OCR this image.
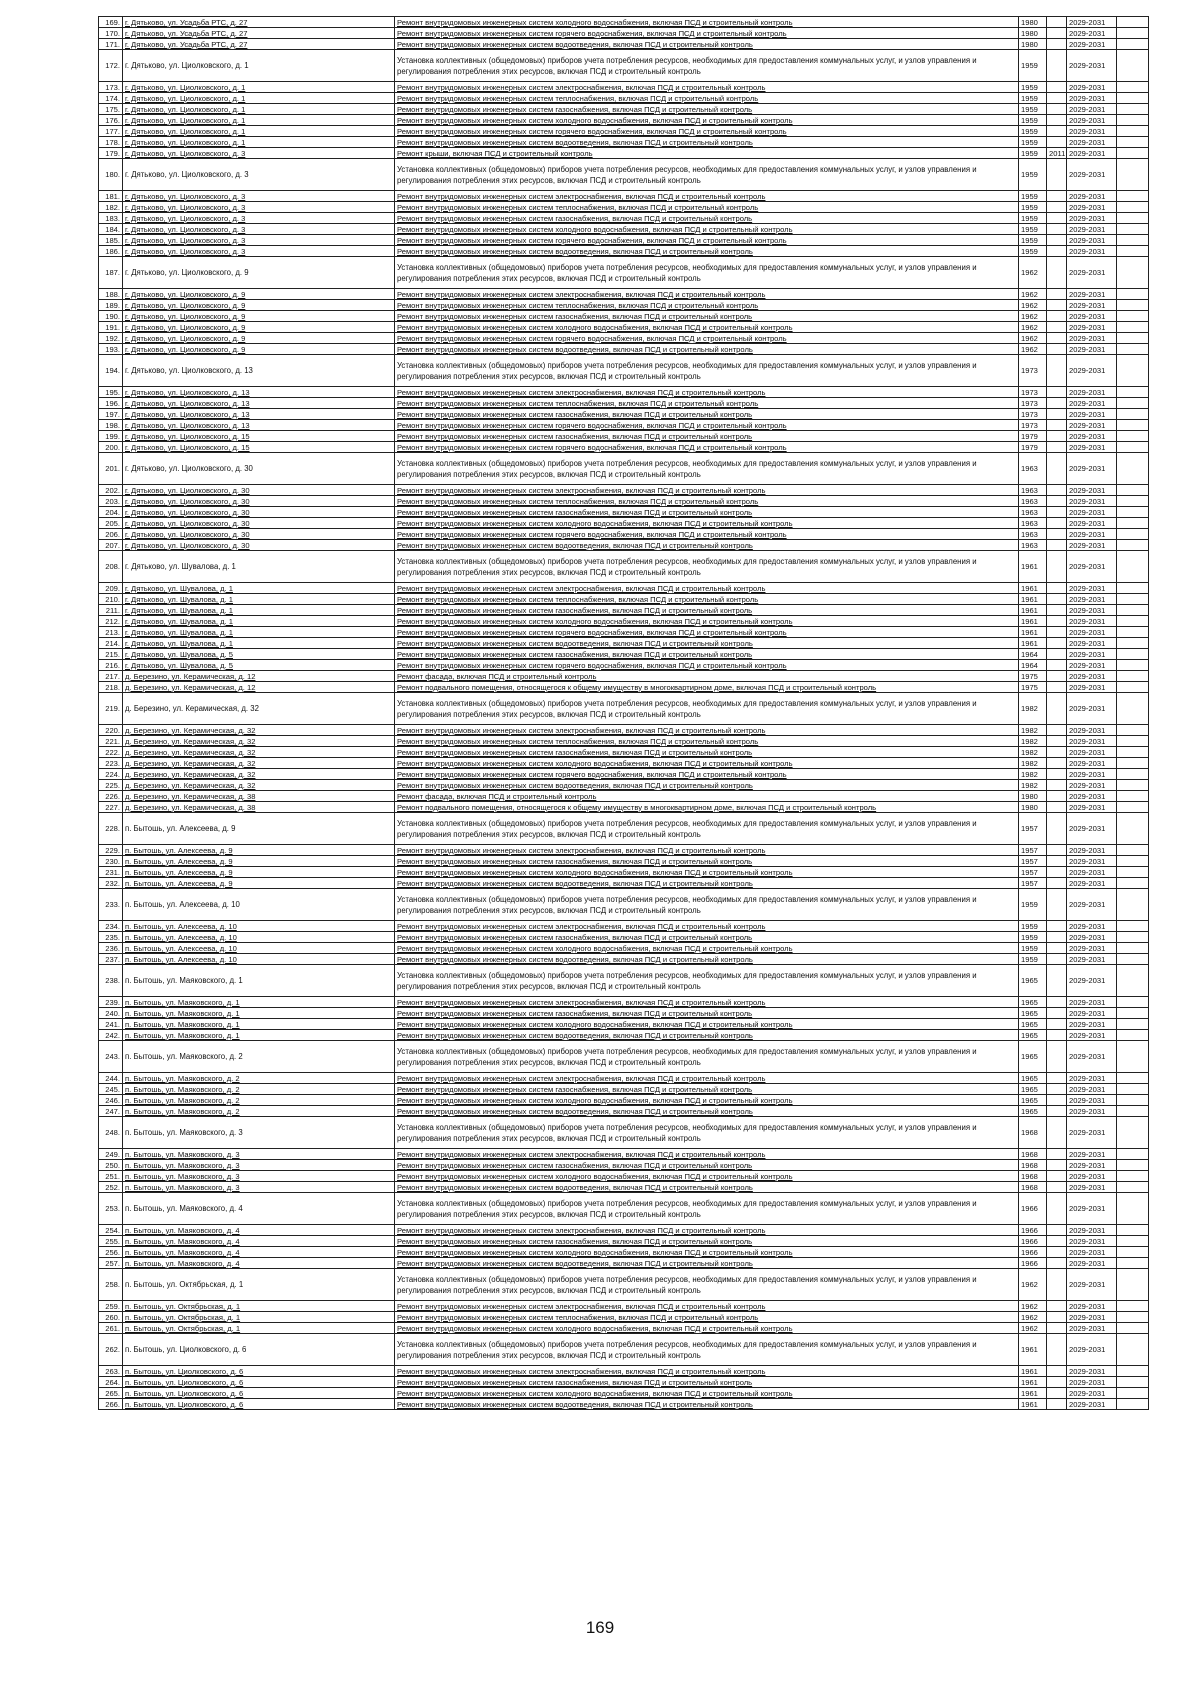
169.	г. Дятьково, ул. Усадьба РТС, д. 27	Ремонт внутридомовых инженерных систем холодного водоснабжения, включая ПСД и строительный контроль	1980		2029-2031	
170.	г. Дятьково, ул. Усадьба РТС, д. 27	Ремонт внутридомовых инженерных систем горячего водоснабжения, включая ПСД и строительный контроль	1980		2029-2031	
171.	г. Дятьково, ул. Усадьба РТС, д. 27	Ремонт внутридомовых инженерных систем водоотведения, включая ПСД и строительный контроль	1980		2029-2031	
172.	г. Дятьково, ул. Циолковского, д. 1	Установка коллективных (общедомовых) приборов учета потребления ресурсов, необходимых для предоставления коммунальных услуг, и узлов управления и регулирования потребления этих ресурсов, включая ПСД и строительный контроль	1959		2029-2031	
173.	г. Дятьково, ул. Циолковского, д. 1	Ремонт внутридомовых инженерных систем электроснабжения, включая ПСД и строительный контроль	1959		2029-2031	
174.	г. Дятьково, ул. Циолковского, д. 1	Ремонт внутридомовых инженерных систем теплоснабжения, включая ПСД и строительный контроль	1959		2029-2031	
175.	г. Дятьково, ул. Циолковского, д. 1	Ремонт внутридомовых инженерных систем газоснабжения, включая ПСД и строительный контроль	1959		2029-2031	
176.	г. Дятьково, ул. Циолковского, д. 1	Ремонт внутридомовых инженерных систем холодного водоснабжения, включая ПСД и строительный контроль	1959		2029-2031	
177.	г. Дятьково, ул. Циолковского, д. 1	Ремонт внутридомовых инженерных систем горячего водоснабжения, включая ПСД и строительный контроль	1959		2029-2031	
178.	г. Дятьково, ул. Циолковского, д. 1	Ремонт внутридомовых инженерных систем водоотведения, включая ПСД и строительный контроль	1959		2029-2031	
179.	г. Дятьково, ул. Циолковского, д. 3	Ремонт крыши, включая ПСД и строительный контроль	1959	2011	2029-2031	
180.	г. Дятьково, ул. Циолковского, д. 3	Установка коллективных (общедомовых) приборов учета потребления ресурсов, необходимых для предоставления коммунальных услуг, и узлов управления и регулирования потребления этих ресурсов, включая ПСД и строительный контроль	1959		2029-2031	
181.	г. Дятьково, ул. Циолковского, д. 3	Ремонт внутридомовых инженерных систем электроснабжения, включая ПСД и строительный контроль	1959		2029-2031	
182.	г. Дятьково, ул. Циолковского, д. 3	Ремонт внутридомовых инженерных систем теплоснабжения, включая ПСД и строительный контроль	1959		2029-2031	
183.	г. Дятьково, ул. Циолковского, д. 3	Ремонт внутридомовых инженерных систем газоснабжения, включая ПСД и строительный контроль	1959		2029-2031	
184.	г. Дятьково, ул. Циолковского, д. 3	Ремонт внутридомовых инженерных систем холодного водоснабжения, включая ПСД и строительный контроль	1959		2029-2031	
185.	г. Дятьково, ул. Циолковского, д. 3	Ремонт внутридомовых инженерных систем горячего водоснабжения, включая ПСД и строительный контроль	1959		2029-2031	
186.	г. Дятьково, ул. Циолковского, д. 3	Ремонт внутридомовых инженерных систем водоотведения, включая ПСД и строительный контроль	1959		2029-2031	
187.	г. Дятьково, ул. Циолковского, д. 9	Установка коллективных (общедомовых) приборов учета потребления ресурсов, необходимых для предоставления коммунальных услуг, и узлов управления и регулирования потребления этих ресурсов, включая ПСД и строительный контроль	1962		2029-2031	
188.	г. Дятьково, ул. Циолковского, д. 9	Ремонт внутридомовых инженерных систем электроснабжения, включая ПСД и строительный контроль	1962		2029-2031	
189.	г. Дятьково, ул. Циолковского, д. 9	Ремонт внутридомовых инженерных систем теплоснабжения, включая ПСД и строительный контроль	1962		2029-2031	
190.	г. Дятьково, ул. Циолковского, д. 9	Ремонт внутридомовых инженерных систем газоснабжения, включая ПСД и строительный контроль	1962		2029-2031	
191.	г. Дятьково, ул. Циолковского, д. 9	Ремонт внутридомовых инженерных систем холодного водоснабжения, включая ПСД и строительный контроль	1962		2029-2031	
192.	г. Дятьково, ул. Циолковского, д. 9	Ремонт внутридомовых инженерных систем горячего водоснабжения, включая ПСД и строительный контроль	1962		2029-2031	
193.	г. Дятьково, ул. Циолковского, д. 9	Ремонт внутридомовых инженерных систем водоотведения, включая ПСД и строительный контроль	1962		2029-2031	
194.	г. Дятьково, ул. Циолковского, д. 13	Установка коллективных (общедомовых) приборов учета потребления ресурсов, необходимых для предоставления коммунальных услуг, и узлов управления и регулирования потребления этих ресурсов, включая ПСД и строительный контроль	1973		2029-2031	
195.	г. Дятьково, ул. Циолковского, д. 13	Ремонт внутридомовых инженерных систем электроснабжения, включая ПСД и строительный контроль	1973		2029-2031	
196.	г. Дятьково, ул. Циолковского, д. 13	Ремонт внутридомовых инженерных систем теплоснабжения, включая ПСД и строительный контроль	1973		2029-2031	
197.	г. Дятьково, ул. Циолковского, д. 13	Ремонт внутридомовых инженерных систем газоснабжения, включая ПСД и строительный контроль	1973		2029-2031	
198.	г. Дятьково, ул. Циолковского, д. 13	Ремонт внутридомовых инженерных систем горячего водоснабжения, включая ПСД и строительный контроль	1973		2029-2031	
199.	г. Дятьково, ул. Циолковского, д. 15	Ремонт внутридомовых инженерных систем газоснабжения, включая ПСД и строительный контроль	1979		2029-2031	
200.	г. Дятьково, ул. Циолковского, д. 15	Ремонт внутридомовых инженерных систем горячего водоснабжения, включая ПСД и строительный контроль	1979		2029-2031	
201.	г. Дятьково, ул. Циолковского, д. 30	Установка коллективных (общедомовых) приборов учета потребления ресурсов, необходимых для предоставления коммунальных услуг, и узлов управления и регулирования потребления этих ресурсов, включая ПСД и строительный контроль	1963		2029-2031	
202.	г. Дятьково, ул. Циолковского, д. 30	Ремонт внутридомовых инженерных систем электроснабжения, включая ПСД и строительный контроль	1963		2029-2031	
203.	г. Дятьково, ул. Циолковского, д. 30	Ремонт внутридомовых инженерных систем теплоснабжения, включая ПСД и строительный контроль	1963		2029-2031	
204.	г. Дятьково, ул. Циолковского, д. 30	Ремонт внутридомовых инженерных систем газоснабжения, включая ПСД и строительный контроль	1963		2029-2031	
205.	г. Дятьково, ул. Циолковского, д. 30	Ремонт внутридомовых инженерных систем холодного водоснабжения, включая ПСД и строительный контроль	1963		2029-2031	
206.	г. Дятьково, ул. Циолковского, д. 30	Ремонт внутридомовых инженерных систем горячего водоснабжения, включая ПСД и строительный контроль	1963		2029-2031	
207.	г. Дятьково, ул. Циолковского, д. 30	Ремонт внутридомовых инженерных систем водоотведения, включая ПСД и строительный контроль	1963		2029-2031	
208.	г. Дятьково, ул. Шувалова, д. 1	Установка коллективных (общедомовых) приборов учета потребления ресурсов, необходимых для предоставления коммунальных услуг, и узлов управления и регулирования потребления этих ресурсов, включая ПСД и строительный контроль	1961		2029-2031	
209.	г. Дятьково, ул. Шувалова, д. 1	Ремонт внутридомовых инженерных систем электроснабжения, включая ПСД и строительный контроль	1961		2029-2031	
210.	г. Дятьково, ул. Шувалова, д. 1	Ремонт внутридомовых инженерных систем теплоснабжения, включая ПСД и строительный контроль	1961		2029-2031	
211.	г. Дятьково, ул. Шувалова, д. 1	Ремонт внутридомовых инженерных систем газоснабжения, включая ПСД и строительный контроль	1961		2029-2031	
212.	г. Дятьково, ул. Шувалова, д. 1	Ремонт внутридомовых инженерных систем холодного водоснабжения, включая ПСД и строительный контроль	1961		2029-2031	
213.	г. Дятьково, ул. Шувалова, д. 1	Ремонт внутридомовых инженерных систем горячего водоснабжения, включая ПСД и строительный контроль	1961		2029-2031	
214.	г. Дятьково, ул. Шувалова, д. 1	Ремонт внутридомовых инженерных систем водоотведения, включая ПСД и строительный контроль	1961		2029-2031	
215.	г. Дятьково, ул. Шувалова, д. 5	Ремонт внутридомовых инженерных систем газоснабжения, включая ПСД и строительный контроль	1964		2029-2031	
216.	г. Дятьково, ул. Шувалова, д. 5	Ремонт внутридомовых инженерных систем горячего водоснабжения, включая ПСД и строительный контроль	1964		2029-2031	
217.	д. Березино, ул. Керамическая, д. 12	Ремонт фасада, включая ПСД и строительный контроль	1975		2029-2031	
218.	д. Березино, ул. Керамическая, д. 12	Ремонт подвального помещения, относящегося к общему имуществу в многоквартирном доме, включая ПСД и строительный контроль	1975		2029-2031	
219.	д. Березино, ул. Керамическая, д. 32	Установка коллективных (общедомовых) приборов учета потребления ресурсов, необходимых для предоставления коммунальных услуг, и узлов управления и регулирования потребления этих ресурсов, включая ПСД и строительный контроль	1982		2029-2031	
220.	д. Березино, ул. Керамическая, д. 32	Ремонт внутридомовых инженерных систем электроснабжения, включая ПСД и строительный контроль	1982		2029-2031	
221.	д. Березино, ул. Керамическая, д. 32	Ремонт внутридомовых инженерных систем теплоснабжения, включая ПСД и строительный контроль	1982		2029-2031	
222.	д. Березино, ул. Керамическая, д. 32	Ремонт внутридомовых инженерных систем газоснабжения, включая ПСД и строительный контроль	1982		2029-2031	
223.	д. Березино, ул. Керамическая, д. 32	Ремонт внутридомовых инженерных систем холодного водоснабжения, включая ПСД и строительный контроль	1982		2029-2031	
224.	д. Березино, ул. Керамическая, д. 32	Ремонт внутридомовых инженерных систем горячего водоснабжения, включая ПСД и строительный контроль	1982		2029-2031	
225.	д. Березино, ул. Керамическая, д. 32	Ремонт внутридомовых инженерных систем водоотведения, включая ПСД и строительный контроль	1982		2029-2031	
226.	д. Березино, ул. Керамическая, д. 38	Ремонт фасада, включая ПСД и строительный контроль	1980		2029-2031	
227.	д. Березино, ул. Керамическая, д. 38	Ремонт подвального помещения, относящегося к общему имуществу в многоквартирном доме, включая ПСД и строительный контроль	1980		2029-2031	
228.	п. Бытошь, ул. Алексеева, д. 9	Установка коллективных (общедомовых) приборов учета потребления ресурсов, необходимых для предоставления коммунальных услуг, и узлов управления и регулирования потребления этих ресурсов, включая ПСД и строительный контроль	1957		2029-2031	
229.	п. Бытошь, ул. Алексеева, д. 9	Ремонт внутридомовых инженерных систем электроснабжения, включая ПСД и строительный контроль	1957		2029-2031	
230.	п. Бытошь, ул. Алексеева, д. 9	Ремонт внутридомовых инженерных систем газоснабжения, включая ПСД и строительный контроль	1957		2029-2031	
231.	п. Бытошь, ул. Алексеева, д. 9	Ремонт внутридомовых инженерных систем холодного водоснабжения, включая ПСД и строительный контроль	1957		2029-2031	
232.	п. Бытошь, ул. Алексеева, д. 9	Ремонт внутридомовых инженерных систем водоотведения, включая ПСД и строительный контроль	1957		2029-2031	
233.	п. Бытошь, ул. Алексеева, д. 10	Установка коллективных (общедомовых) приборов учета потребления ресурсов, необходимых для предоставления коммунальных услуг, и узлов управления и регулирования потребления этих ресурсов, включая ПСД и строительный контроль	1959		2029-2031	
234.	п. Бытошь, ул. Алексеева, д. 10	Ремонт внутридомовых инженерных систем электроснабжения, включая ПСД и строительный контроль	1959		2029-2031	
235.	п. Бытошь, ул. Алексеева, д. 10	Ремонт внутридомовых инженерных систем газоснабжения, включая ПСД и строительный контроль	1959		2029-2031	
236.	п. Бытошь, ул. Алексеева, д. 10	Ремонт внутридомовых инженерных систем холодного водоснабжения, включая ПСД и строительный контроль	1959		2029-2031	
237.	п. Бытошь, ул. Алексеева, д. 10	Ремонт внутридомовых инженерных систем водоотведения, включая ПСД и строительный контроль	1959		2029-2031	
238.	п. Бытошь, ул. Маяковского, д. 1	Установка коллективных (общедомовых) приборов учета потребления ресурсов, необходимых для предоставления коммунальных услуг, и узлов управления и регулирования потребления этих ресурсов, включая ПСД и строительный контроль	1965		2029-2031	
239.	п. Бытошь, ул. Маяковского, д. 1	Ремонт внутридомовых инженерных систем электроснабжения, включая ПСД и строительный контроль	1965		2029-2031	
240.	п. Бытошь, ул. Маяковского, д. 1	Ремонт внутридомовых инженерных систем газоснабжения, включая ПСД и строительный контроль	1965		2029-2031	
241.	п. Бытошь, ул. Маяковского, д. 1	Ремонт внутридомовых инженерных систем холодного водоснабжения, включая ПСД и строительный контроль	1965		2029-2031	
242.	п. Бытошь, ул. Маяковского, д. 1	Ремонт внутридомовых инженерных систем водоотведения, включая ПСД и строительный контроль	1965		2029-2031	
243.	п. Бытошь, ул. Маяковского, д. 2	Установка коллективных (общедомовых) приборов учета потребления ресурсов, необходимых для предоставления коммунальных услуг, и узлов управления и регулирования потребления этих ресурсов, включая ПСД и строительный контроль	1965		2029-2031	
244.	п. Бытошь, ул. Маяковского, д. 2	Ремонт внутридомовых инженерных систем электроснабжения, включая ПСД и строительный контроль	1965		2029-2031	
245.	п. Бытошь, ул. Маяковского, д. 2	Ремонт внутридомовых инженерных систем газоснабжения, включая ПСД и строительный контроль	1965		2029-2031	
246.	п. Бытошь, ул. Маяковского, д. 2	Ремонт внутридомовых инженерных систем холодного водоснабжения, включая ПСД и строительный контроль	1965		2029-2031	
247.	п. Бытошь, ул. Маяковского, д. 2	Ремонт внутридомовых инженерных систем водоотведения, включая ПСД и строительный контроль	1965		2029-2031	
248.	п. Бытошь, ул. Маяковского, д. 3	Установка коллективных (общедомовых) приборов учета потребления ресурсов, необходимых для предоставления коммунальных услуг, и узлов управления и регулирования потребления этих ресурсов, включая ПСД и строительный контроль	1968		2029-2031	
249.	п. Бытошь, ул. Маяковского, д. 3	Ремонт внутридомовых инженерных систем электроснабжения, включая ПСД и строительный контроль	1968		2029-2031	
250.	п. Бытошь, ул. Маяковского, д. 3	Ремонт внутридомовых инженерных систем газоснабжения, включая ПСД и строительный контроль	1968		2029-2031	
251.	п. Бытошь, ул. Маяковского, д. 3	Ремонт внутридомовых инженерных систем холодного водоснабжения, включая ПСД и строительный контроль	1968		2029-2031	
252.	п. Бытошь, ул. Маяковского, д. 3	Ремонт внутридомовых инженерных систем водоотведения, включая ПСД и строительный контроль	1968		2029-2031	
253.	п. Бытошь, ул. Маяковского, д. 4	Установка коллективных (общедомовых) приборов учета потребления ресурсов, необходимых для предоставления коммунальных услуг, и узлов управления и регулирования потребления этих ресурсов, включая ПСД и строительный контроль	1966		2029-2031	
254.	п. Бытошь, ул. Маяковского, д. 4	Ремонт внутридомовых инженерных систем электроснабжения, включая ПСД и строительный контроль	1966		2029-2031	
255.	п. Бытошь, ул. Маяковского, д. 4	Ремонт внутридомовых инженерных систем газоснабжения, включая ПСД и строительный контроль	1966		2029-2031	
256.	п. Бытошь, ул. Маяковского, д. 4	Ремонт внутридомовых инженерных систем холодного водоснабжения, включая ПСД и строительный контроль	1966		2029-2031	
257.	п. Бытошь, ул. Маяковского, д. 4	Ремонт внутридомовых инженерных систем водоотведения, включая ПСД и строительный контроль	1966		2029-2031	
258.	п. Бытошь, ул. Октябрьская, д. 1	Установка коллективных (общедомовых) приборов учета потребления ресурсов, необходимых для предоставления коммунальных услуг, и узлов управления и регулирования потребления этих ресурсов, включая ПСД и строительный контроль	1962		2029-2031	
259.	п. Бытошь, ул. Октябрьская, д. 1	Ремонт внутридомовых инженерных систем электроснабжения, включая ПСД и строительный контроль	1962		2029-2031	
260.	п. Бытошь, ул. Октябрьская, д. 1	Ремонт внутридомовых инженерных систем теплоснабжения, включая ПСД и строительный контроль	1962		2029-2031	
261.	п. Бытошь, ул. Октябрьская, д. 1	Ремонт внутридомовых инженерных систем холодного водоснабжения, включая ПСД и строительный контроль	1962		2029-2031	
262.	п. Бытошь, ул. Циолковского, д. 6	Установка коллективных (общедомовых) приборов учета потребления ресурсов, необходимых для предоставления коммунальных услуг, и узлов управления и регулирования потребления этих ресурсов, включая ПСД и строительный контроль	1961		2029-2031	
263.	п. Бытошь, ул. Циолковского, д. 6	Ремонт внутридомовых инженерных систем электроснабжения, включая ПСД и строительный контроль	1961		2029-2031	
264.	п. Бытошь, ул. Циолковского, д. 6	Ремонт внутридомовых инженерных систем газоснабжения, включая ПСД и строительный контроль	1961		2029-2031	
265.	п. Бытошь, ул. Циолковского, д. 6	Ремонт внутридомовых инженерных систем холодного водоснабжения, включая ПСД и строительный контроль	1961		2029-2031	
266.	п. Бытошь, ул. Циолковского, д. 6	Ремонт внутридомовых инженерных систем водоотведения, включая ПСД и строительный контроль	1961		2029-2031	
169
